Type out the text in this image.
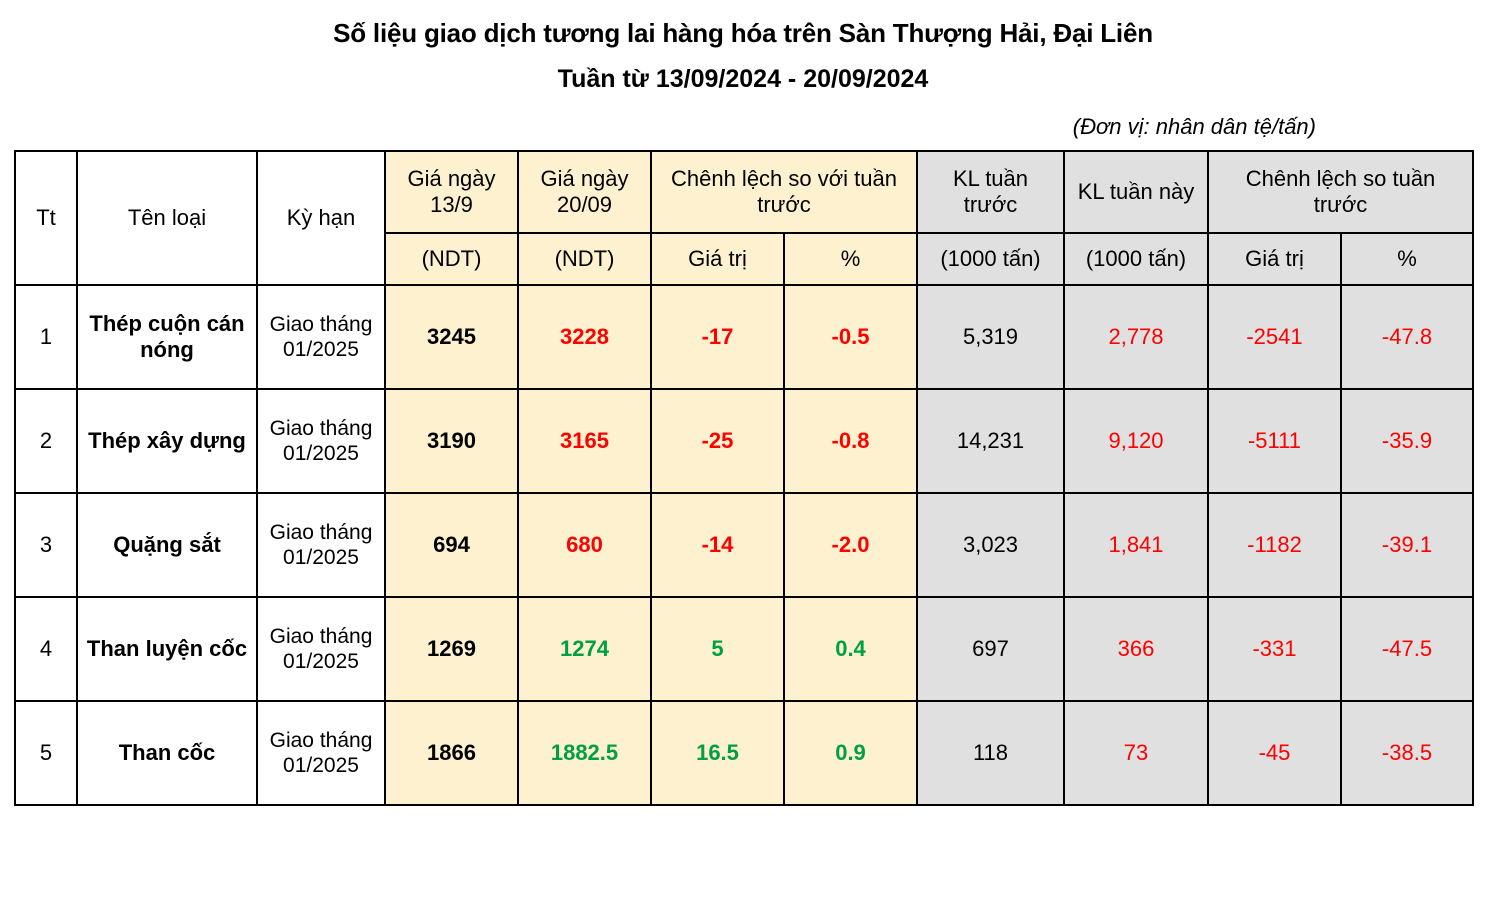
Số liệu giao dịch tương lai hàng hóa trên Sàn Thượng Hải, Đại Liên
Tuần từ 13/09/2024 - 20/09/2024
(Đơn vị: nhân dân tệ/tấn)
Tt	Tên loại	Kỳ hạn	Giá ngày 13/9	Giá ngày 20/09	Chênh lệch so với tuần trước		KL tuần trước	KL tuần này	Chênh lệch so tuần trước	
			(NDT)	(NDT)	Giá trị	%	(1000 tấn)	(1000 tấn)	Giá trị	%
1	Thép cuộn cán nóng	Giao tháng 01/2025	3245	3228	-17	-0.5	5,319	2,778	-2541	-47.8
2	Thép xây dựng	Giao tháng 01/2025	3190	3165	-25	-0.8	14,231	9,120	-5111	-35.9
3	Quặng sắt	Giao tháng 01/2025	694	680	-14	-2.0	3,023	1,841	-1182	-39.1
4	Than luyện cốc	Giao tháng 01/2025	1269	1274	5	0.4	697	366	-331	-47.5
5	Than cốc	Giao tháng 01/2025	1866	1882.5	16.5	0.9	118	73	-45	-38.5
